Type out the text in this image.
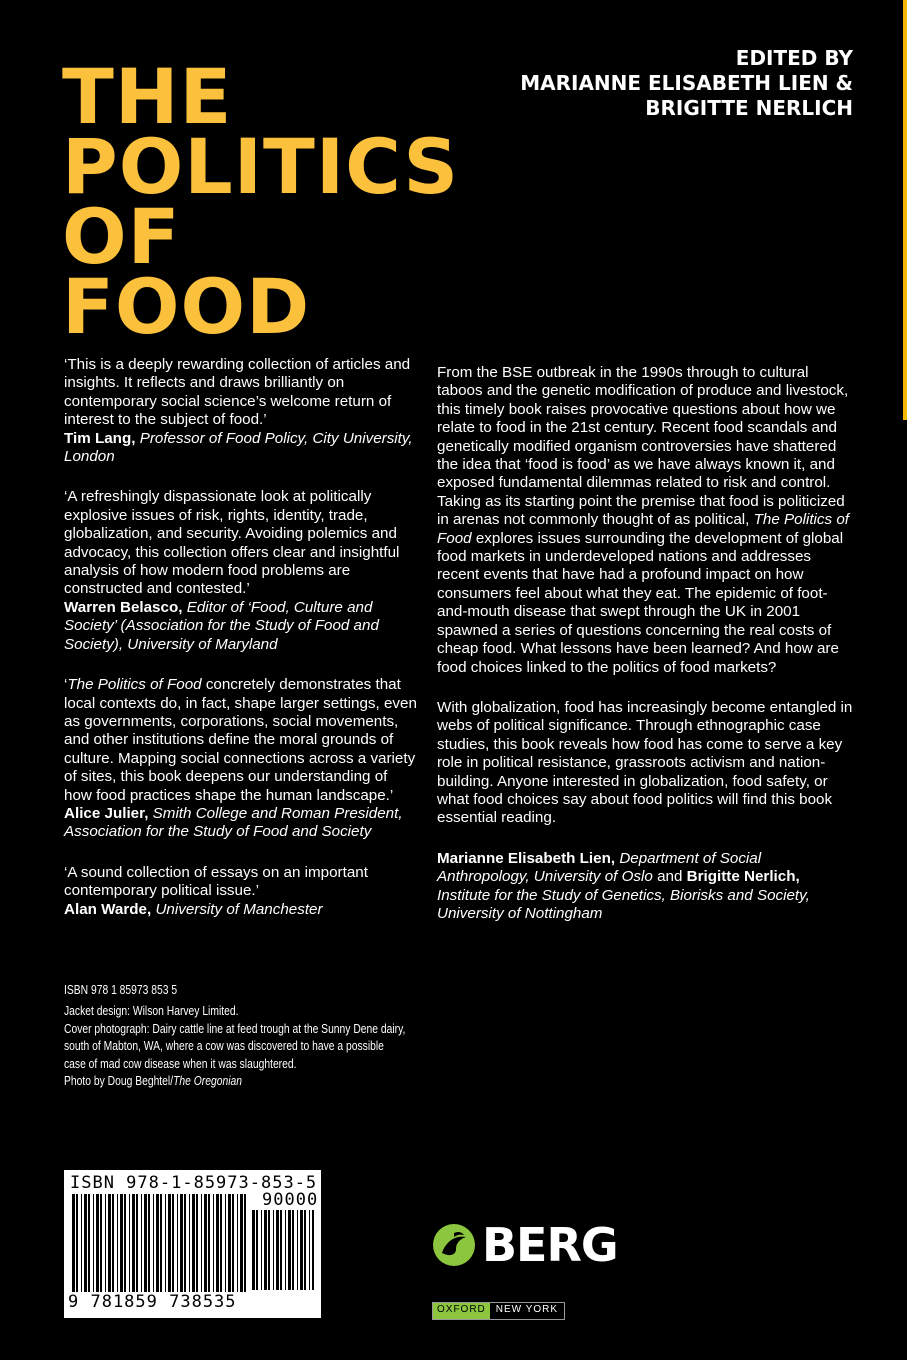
THE
POLITICS
OF
FOOD
EDITED BY
MARIANNE ELISABETH LIEN &
BRIGITTE NERLICH

‘This is a deeply rewarding collection of articles and insights. It reflects and draws brilliantly on contemporary social science’s welcome return of interest to the subject of food.’
Tim Lang, Professor of Food Policy, City University, London

‘A refreshingly dispassionate look at politically explosive issues of risk, rights, identity, trade, globalization, and security. Avoiding polemics and advocacy, this collection offers clear and insightful analysis of how modern food problems are constructed and contested.’
Warren Belasco, Editor of ‘Food, Culture and Society’ (Association for the Study of Food and Society), University of Maryland

‘The Politics of Food concretely demonstrates that local contexts do, in fact, shape larger settings, even as governments, corporations, social movements, and other institutions define the moral grounds of culture. Mapping social connections across a variety of sites, this book deepens our understanding of how food practices shape the human landscape.’
Alice Julier, Smith College and Roman President, Association for the Study of Food and Society

‘A sound collection of essays on an important contemporary political issue.’
Alan Warde, University of Manchester

From the BSE outbreak in the 1990s through to cultural taboos and the genetic modification of produce and livestock, this timely book raises provocative questions about how we relate to food in the 21st century. Recent food scandals and genetically modified organism controversies have shattered the idea that ‘food is food’ as we have always known it, and exposed fundamental dilemmas related to risk and control. Taking as its starting point the premise that food is politicized in arenas not commonly thought of as political, The Politics of Food explores issues surrounding the development of global food markets in underdeveloped nations and addresses recent events that have had a profound impact on how consumers feel about what they eat. The epidemic of foot-and-mouth disease that swept through the UK in 2001 spawned a series of questions concerning the real costs of cheap food. What lessons have been learned? And how are food choices linked to the politics of food markets?

With globalization, food has increasingly become entangled in webs of political significance. Through ethnographic case studies, this book reveals how food has come to serve a key role in political resistance, grassroots activism and nation-building. Anyone interested in globalization, food safety, or what food choices say about food politics will find this book essential reading.

Marianne Elisabeth Lien, Department of Social Anthropology, University of Oslo and Brigitte Nerlich, Institute for the Study of Genetics, Biorisks and Society, University of Nottingham

ISBN 978 1 85973 853 5

Jacket design: Wilson Harvey Limited.

Cover photograph: Dairy cattle line at feed trough at the Sunny Dene dairy,

south of Mabton, WA, where a cow was discovered to have a possible

case of mad cow disease when it was slaughtered.

Photo by Doug Beghtel/The Oregonian

ISBN 978-1-85973-853-5
90000
9 781859 738535
BERG
OXFORD	NEW YORK
